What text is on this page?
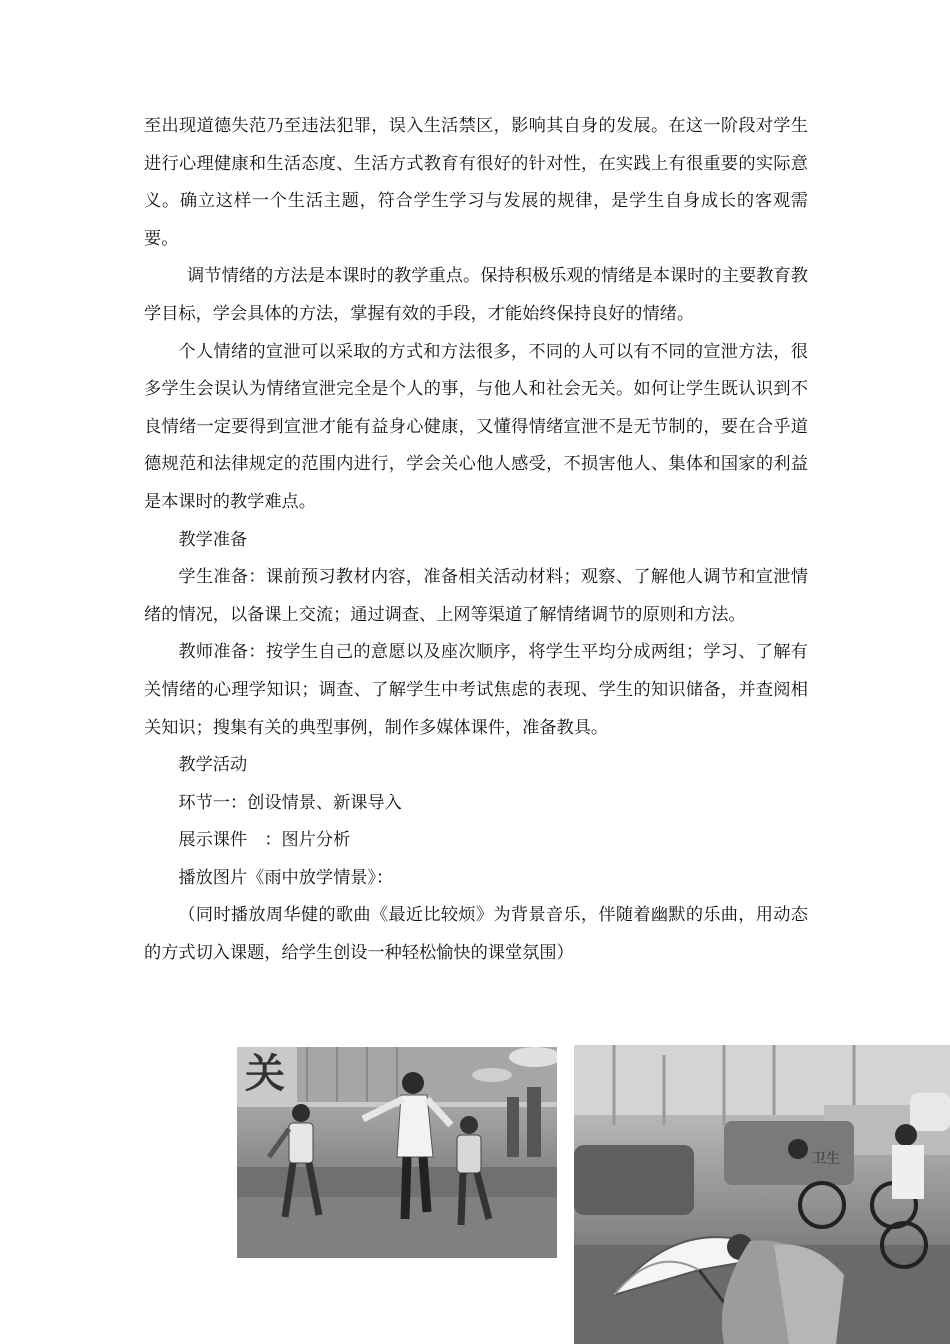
至出现道德失范乃至违法犯罪，误入生活禁区，影响其自身的发展。在这一阶段对学生进行心理健康和生活态度、生活方式教育有很好的针对性，在实践上有很重要的实际意义。确立这样一个生活主题，符合学生学习与发展的规律，是学生自身成长的客观需要。

调节情绪的方法是本课时的教学重点。保持积极乐观的情绪是本课时的主要教育教学目标，学会具体的方法，掌握有效的手段，才能始终保持良好的情绪。

个人情绪的宣泄可以采取的方式和方法很多，不同的人可以有不同的宣泄方法，很多学生会误认为情绪宣泄完全是个人的事，与他人和社会无关。如何让学生既认识到不良情绪一定要得到宣泄才能有益身心健康，又懂得情绪宣泄不是无节制的，要在合乎道德规范和法律规定的范围内进行，学会关心他人感受，不损害他人、集体和国家的利益是本课时的教学难点。

教学准备

学生准备：课前预习教材内容，准备相关活动材料；观察、了解他人调节和宣泄情绪的情况，以备课上交流；通过调查、上网等渠道了解情绪调节的原则和方法。

教师准备：按学生自己的意愿以及座次顺序，将学生平均分成两组；学习、了解有关情绪的心理学知识；调查、了解学生中考试焦虑的表现、学生的知识储备，并查阅相关知识；搜集有关的典型事例，制作多媒体课件，准备教具。

教学活动

环节一：创设情景、新课导入

展示课件　：图片分析

播放图片《雨中放学情景》：

（同时播放周华健的歌曲《最近比较烦》为背景音乐，伴随着幽默的乐曲，用动态的方式切入课题，给学生创设一种轻松愉快的课堂氛围）

关
卫生
